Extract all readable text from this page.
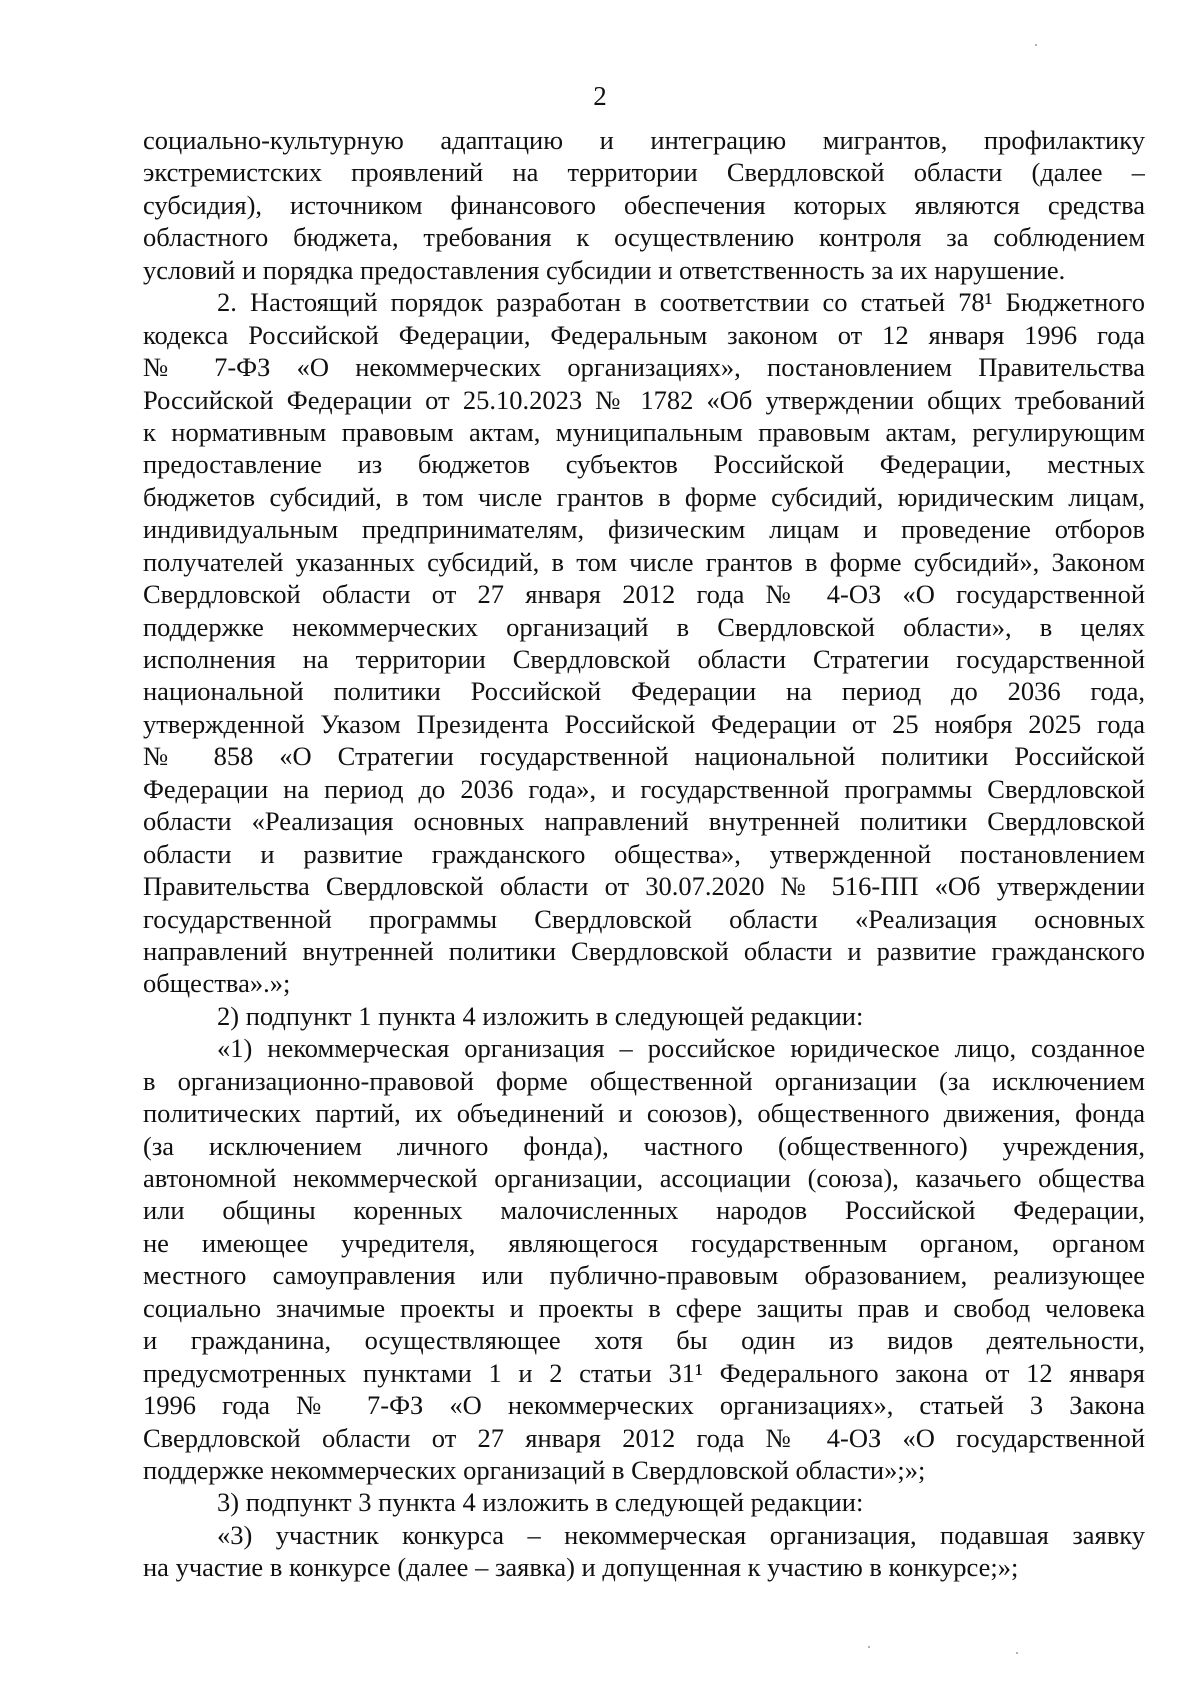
2
социально-культурную адаптацию и интеграцию мигрантов, профилактику
экстремистских проявлений на территории Свердловской области (далее –
субсидия), источником финансового обеспечения которых являются средства
областного бюджета, требования к осуществлению контроля за соблюдением
условий и порядка предоставления субсидии и ответственность за их нарушение.
2. Настоящий порядок разработан в соответствии со статьей 78¹ Бюджетного
кодекса Российской Федерации, Федеральным законом от 12 января 1996 года
№ 7-ФЗ «О некоммерческих организациях», постановлением Правительства
Российской Федерации от 25.10.2023 № 1782 «Об утверждении общих требований
к нормативным правовым актам, муниципальным правовым актам, регулирующим
предоставление из бюджетов субъектов Российской Федерации, местных
бюджетов субсидий, в том числе грантов в форме субсидий, юридическим лицам,
индивидуальным предпринимателям, физическим лицам и проведение отборов
получателей указанных субсидий, в том числе грантов в форме субсидий», Законом
Свердловской области от 27 января 2012 года № 4-ОЗ «О государственной
поддержке некоммерческих организаций в Свердловской области», в целях
исполнения на территории Свердловской области Стратегии государственной
национальной политики Российской Федерации на период до 2036 года,
утвержденной Указом Президента Российской Федерации от 25 ноября 2025 года
№ 858 «О Стратегии государственной национальной политики Российской
Федерации на период до 2036 года», и государственной программы Свердловской
области «Реализация основных направлений внутренней политики Свердловской
области и развитие гражданского общества», утвержденной постановлением
Правительства Свердловской области от 30.07.2020 № 516-ПП «Об утверждении
государственной программы Свердловской области «Реализация основных
направлений внутренней политики Свердловской области и развитие гражданского
общества».»;
2) подпункт 1 пункта 4 изложить в следующей редакции:
«1) некоммерческая организация – российское юридическое лицо, созданное
в организационно-правовой форме общественной организации (за исключением
политических партий, их объединений и союзов), общественного движения, фонда
(за исключением личного фонда), частного (общественного) учреждения,
автономной некоммерческой организации, ассоциации (союза), казачьего общества
или общины коренных малочисленных народов Российской Федерации,
не имеющее учредителя, являющегося государственным органом, органом
местного самоуправления или публично-правовым образованием, реализующее
социально значимые проекты и проекты в сфере защиты прав и свобод человека
и гражданина, осуществляющее хотя бы один из видов деятельности,
предусмотренных пунктами 1 и 2 статьи 31¹ Федерального закона от 12 января
1996 года № 7-ФЗ «О некоммерческих организациях», статьей 3 Закона
Свердловской области от 27 января 2012 года № 4-ОЗ «О государственной
поддержке некоммерческих организаций в Свердловской области»;»;
3) подпункт 3 пункта 4 изложить в следующей редакции:
«3) участник конкурса – некоммерческая организация, подавшая заявку
на участие в конкурсе (далее – заявка) и допущенная к участию в конкурсе;»;
